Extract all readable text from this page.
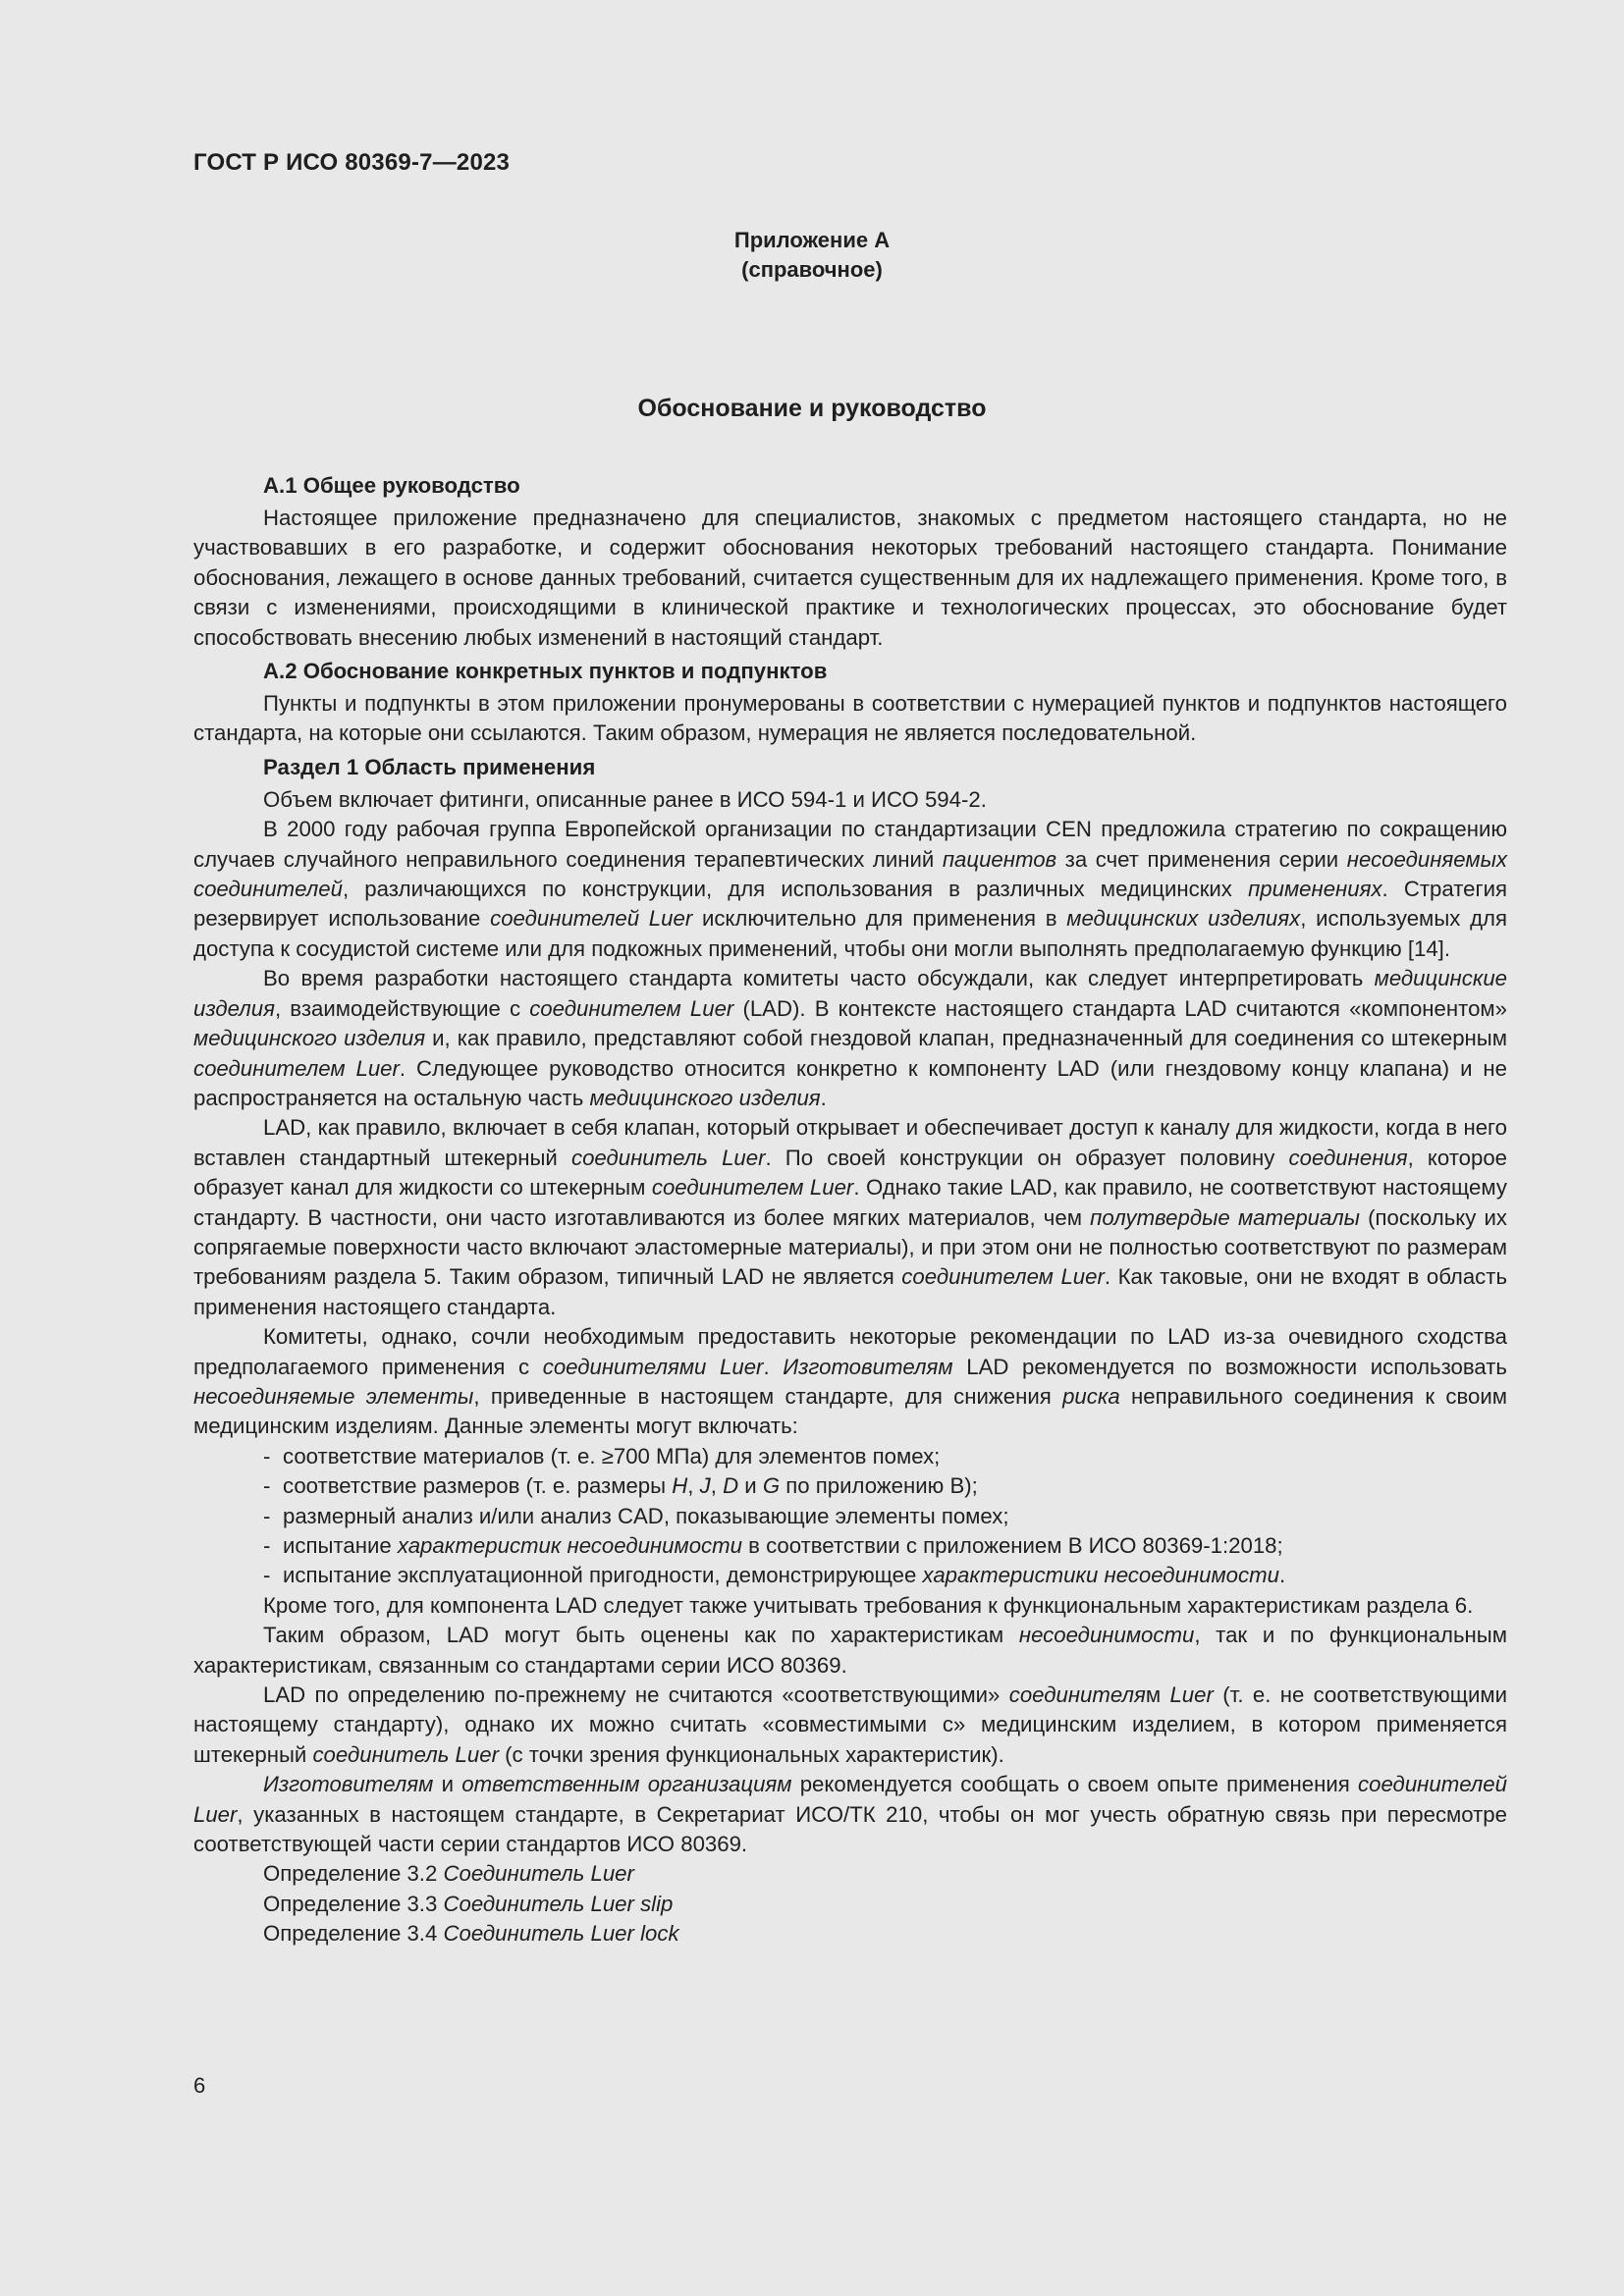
ГОСТ Р ИСО 80369-7—2023
Приложение А
(справочное)
Обоснование и руководство
А.1 Общее руководство

Настоящее приложение предназначено для специалистов, знакомых с предметом настоящего стандарта, но не участвовавших в его разработке, и содержит обоснования некоторых требований настоящего стандарта. Понимание обоснования, лежащего в основе данных требований, считается существенным для их надлежащего применения. Кроме того, в связи с изменениями, происходящими в клинической практике и технологических процессах, это обоснование будет способствовать внесению любых изменений в настоящий стандарт.

А.2 Обоснование конкретных пунктов и подпунктов

Пункты и подпункты в этом приложении пронумерованы в соответствии с нумерацией пунктов и подпунктов настоящего стандарта, на которые они ссылаются. Таким образом, нумерация не является последовательной.

Раздел 1 Область применения

Объем включает фитинги, описанные ранее в ИСО 594-1 и ИСО 594-2.

В 2000 году рабочая группа Европейской организации по стандартизации CEN предложила стратегию по сокращению случаев случайного неправильного соединения терапевтических линий пациентов за счет применения серии несоединяемых соединителей, различающихся по конструкции, для использования в различных медицинских применениях. Стратегия резервирует использование соединителей Luer исключительно для применения в медицинских изделиях, используемых для доступа к сосудистой системе или для подкожных применений, чтобы они могли выполнять предполагаемую функцию [14].

Во время разработки настоящего стандарта комитеты часто обсуждали, как следует интерпретировать медицинские изделия, взаимодействующие с соединителем Luer (LAD). В контексте настоящего стандарта LAD считаются «компонентом» медицинского изделия и, как правило, представляют собой гнездовой клапан, предназначенный для соединения со штекерным соединителем Luer. Следующее руководство относится конкретно к компоненту LAD (или гнездовому концу клапана) и не распространяется на остальную часть медицинского изделия.

LAD, как правило, включает в себя клапан, который открывает и обеспечивает доступ к каналу для жидкости, когда в него вставлен стандартный штекерный соединитель Luer. По своей конструкции он образует половину соединения, которое образует канал для жидкости со штекерным соединителем Luer. Однако такие LAD, как правило, не соответствуют настоящему стандарту. В частности, они часто изготавливаются из более мягких материалов, чем полутвердые материалы (поскольку их сопрягаемые поверхности часто включают эластомерные материалы), и при этом они не полностью соответствуют по размерам требованиям раздела 5. Таким образом, типичный LAD не является соединителем Luer. Как таковые, они не входят в область применения настоящего стандарта.

Комитеты, однако, сочли необходимым предоставить некоторые рекомендации по LAD из-за очевидного сходства предполагаемого применения с соединителями Luer. Изготовителям LAD рекомендуется по возможности использовать несоединяемые элементы, приведенные в настоящем стандарте, для снижения риска неправильного соединения к своим медицинским изделиям. Данные элементы могут включать:

- соответствие материалов (т. е. ≥700 МПа) для элементов помех;
- соответствие размеров (т. е. размеры H, J, D и G по приложению В);
- размерный анализ и/или анализ CAD, показывающие элементы помех;
- испытание характеристик несоединимости в соответствии с приложением В ИСО 80369-1:2018;
- испытание эксплуатационной пригодности, демонстрирующее характеристики несоединимости.

Кроме того, для компонента LAD следует также учитывать требования к функциональным характеристикам раздела 6.

Таким образом, LAD могут быть оценены как по характеристикам несоединимости, так и по функциональным характеристикам, связанным со стандартами серии ИСО 80369.

LAD по определению по-прежнему не считаются «соответствующими» соединителям Luer (т. е. не соответствующими настоящему стандарту), однако их можно считать «совместимыми с» медицинским изделием, в котором применяется штекерный соединитель Luer (с точки зрения функциональных характеристик).

Изготовителям и ответственным организациям рекомендуется сообщать о своем опыте применения соединителей Luer, указанных в настоящем стандарте, в Секретариат ИСО/ТК 210, чтобы он мог учесть обратную связь при пересмотре соответствующей части серии стандартов ИСО 80369.

Определение 3.2 Соединитель Luer

Определение 3.3 Соединитель Luer slip

Определение 3.4 Соединитель Luer lock

6
